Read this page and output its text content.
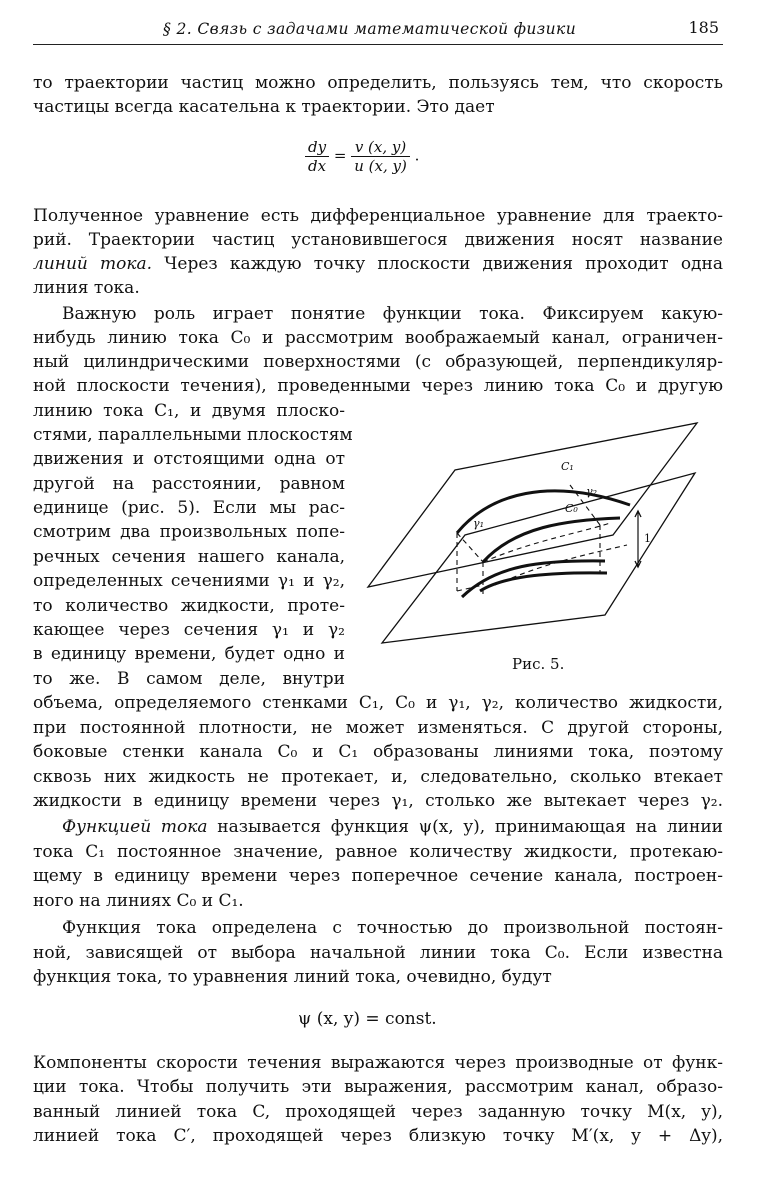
§ 2. Связь с задачами математической физики	185
то траектории частиц можно определить, пользуясь тем, что скорость
частицы всегда касательна к траектории. Это дает
$\frac{dy}{dx} = \frac{v (x, y)}{u (x, y)}$ .
Полученное уравнение есть дифференциальное уравнение для траекто-
рий. Траектории частиц установившегося движения носят название
линий тока. Через каждую точку плоскости движения проходит одна
линия тока.
Важную роль играет понятие функции тока. Фиксируем какую-
нибудь линию тока C₀ и рассмотрим воображаемый канал, ограничен-
ный цилиндрическими поверхностями (с образующей, перпендикуляр-
ной плоскости течения), проведенными через линию тока C₀ и другую
линию тока C₁, и двумя плоско-
стями, параллельными плоскостям
движения и отстоящими одна от
другой на расстоянии, равном
единице (рис. 5). Если мы рас-
смотрим два произвольных попе-
речных сечения нашего канала,
определенных сечениями γ₁ и γ₂,
то количество жидкости, проте-
кающее через сечения γ₁ и γ₂
в единицу времени, будет одно и
то же. В самом деле, внутри
объема, определяемого стенками C₁, C₀ и γ₁, γ₂, количество жидкости,
при постоянной плотности, не может изменяться. С другой стороны,
боковые стенки канала C₀ и C₁ образованы линиями тока, поэтому
сквозь них жидкость не протекает, и, следовательно, сколько втекает
жидкости в единицу времени через γ₁, столько же вытекает через γ₂.
Функцией тока называется функция ψ(x, y), принимающая на линии
тока C₁ постоянное значение, равное количеству жидкости, протекаю-
щему в единицу времени через поперечное сечение канала, построен-
ного на линиях C₀ и C₁.
Функция тока определена с точностью до произвольной постоян-
ной, зависящей от выбора начальной линии тока C₀. Если известна
функция тока, то уравнения линий тока, очевидно, будут
ψ (x, y) = const.
Компоненты скорости течения выражаются через производные от функ-
ции тока. Чтобы получить эти выражения, рассмотрим канал, образо-
ванный линией тока C, проходящей через заданную точку M(x, y),
линией тока C′, проходящей через близкую точку M′(x, y + Δy),
C₁
γ₂
C₀
γ₁
1
Рис. 5.
